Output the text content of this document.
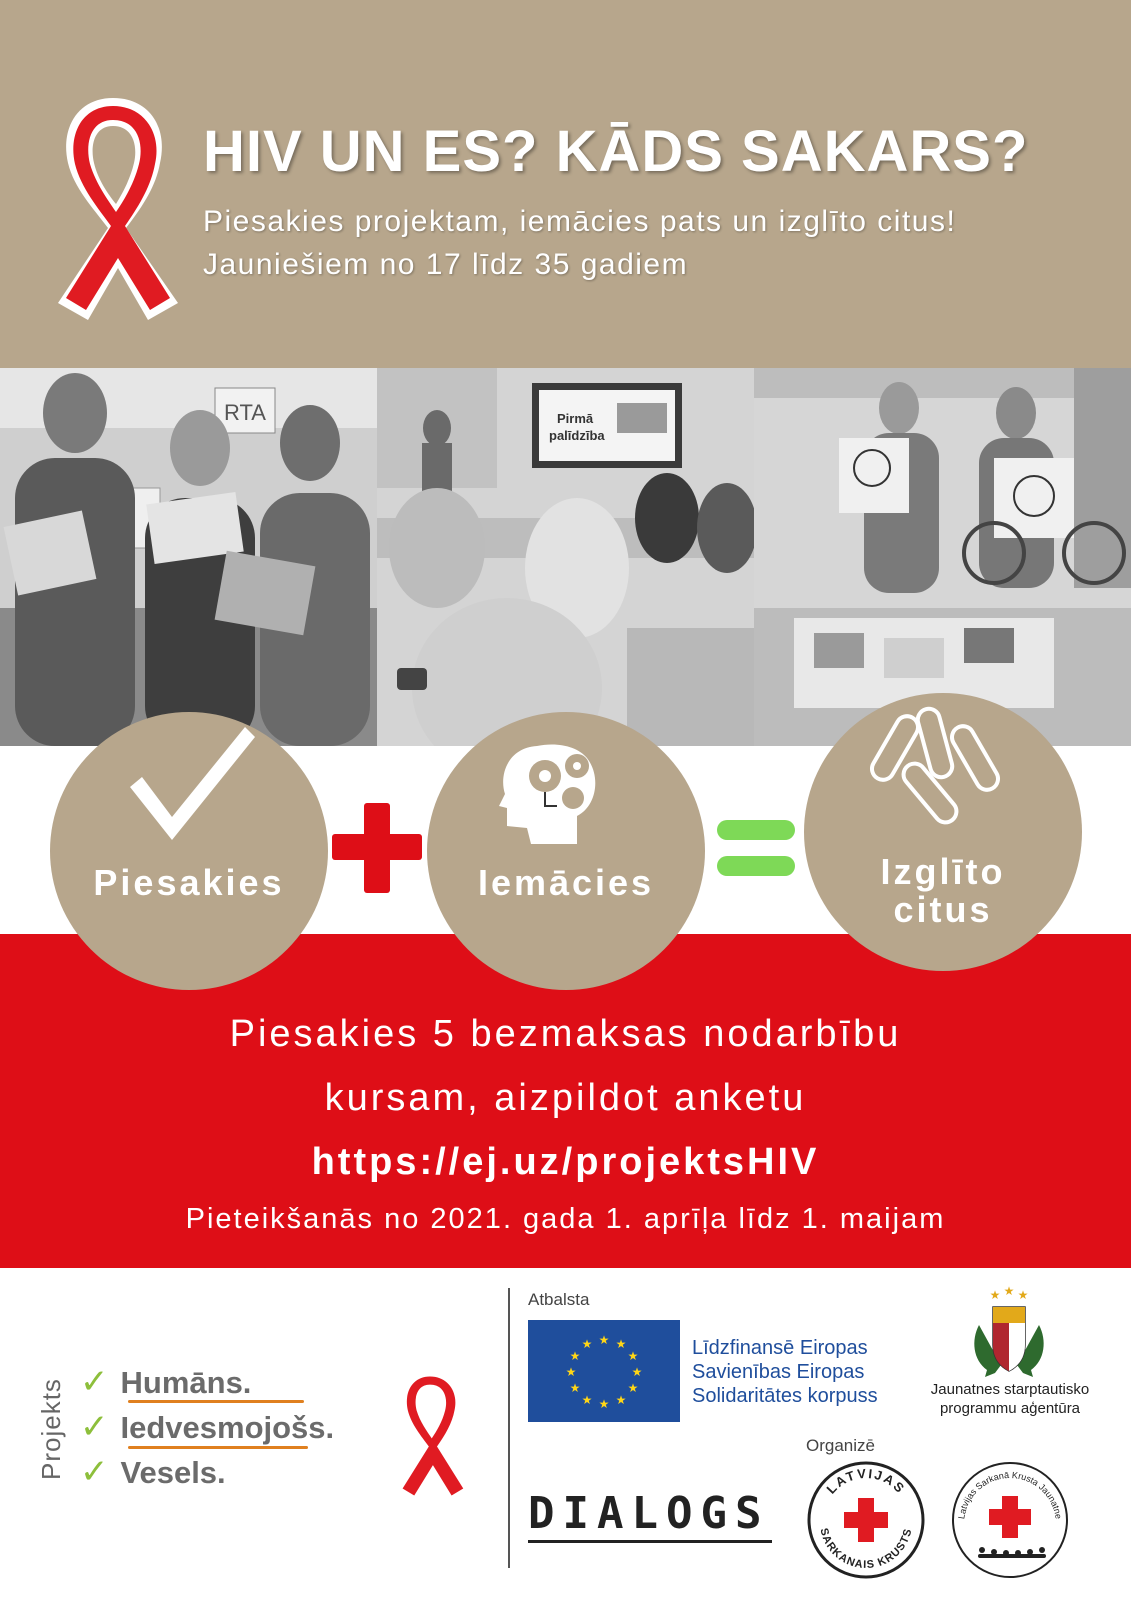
HIV UN ES? KĀDS SAKARS?
Piesakies projektam, iemācies pats un izglīto citus!
Jauniešiem no 17 līdz 35 gadiem
RTA	Pirmā
palīdzība
Piesakies	Iemācies	Izglīto
citus
Piesakies 5 bezmaksas nodarbību
kursam, aizpildot anketu
https://ej.uz/projektsHIV
Pieteikšanās no 2021. gada 1. aprīļa līdz 1. maijam
Projekts ✓ Humāns.
✓ Iedvesmojošs.
✓ Vesels.
Atbalsta
★ ★
★
★
★
★
★
★
★
★
★
★	Līdzfinansē Eiropas
Savienības Eiropas
Solidaritātes korpuss
★ ★ ★
Jaunatnes starptautisko
programmu aģentūra
Organizē
DIALOGS
LATVIJAS
SARKANAIS KRUSTS
Latvijas Sarkanā Krusta Jaunatne
